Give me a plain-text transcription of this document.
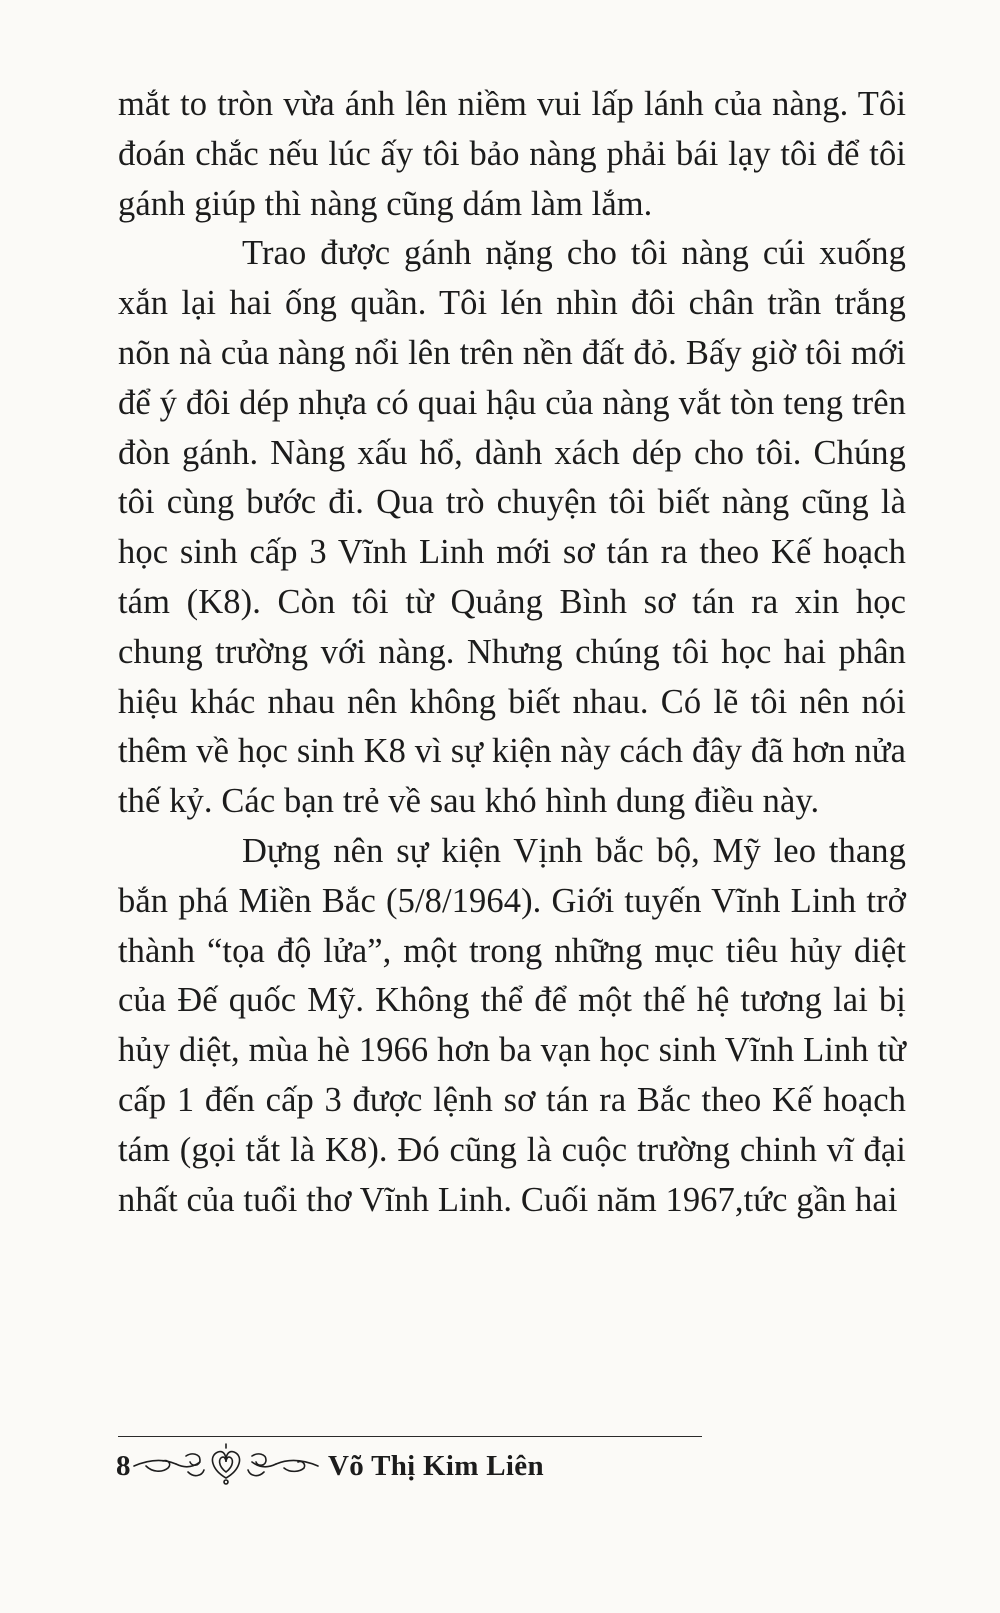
mắt to tròn vừa ánh lên niềm vui lấp lánh của nàng. Tôi đoán chắc nếu lúc ấy tôi bảo nàng phải bái lạy tôi để tôi gánh giúp thì nàng cũng dám làm lắm.

Trao được gánh nặng cho tôi nàng cúi xuống xắn lại hai ống quần. Tôi lén nhìn đôi chân trần trắng nõn nà của nàng nổi lên trên nền đất đỏ. Bấy giờ tôi mới để ý đôi dép nhựa có quai hậu của nàng vắt tòn teng trên đòn gánh. Nàng xấu hổ, dành xách dép cho tôi. Chúng tôi cùng bước đi. Qua trò chuyện tôi biết nàng cũng là học sinh cấp 3 Vĩnh Linh mới sơ tán ra theo Kế hoạch tám (K8). Còn tôi từ Quảng Bình sơ tán ra xin học chung trường với nàng. Nhưng chúng tôi học hai phân hiệu khác nhau nên không biết nhau. Có lẽ tôi nên nói thêm về học sinh K8 vì sự kiện này cách đây đã hơn nửa thế kỷ. Các bạn trẻ về sau khó hình dung điều này.

Dựng nên sự kiện Vịnh bắc bộ, Mỹ leo thang bắn phá Miền Bắc (5/8/1964). Giới tuyến Vĩnh Linh trở thành “tọa độ lửa”, một trong những mục tiêu hủy diệt của Đế quốc Mỹ. Không thể để một thế hệ tương lai bị hủy diệt, mùa hè 1966 hơn ba vạn học sinh Vĩnh Linh từ cấp 1 đến cấp 3 được lệnh sơ tán ra Bắc theo Kế hoạch tám (gọi tắt là K8). Đó cũng là cuộc trường chinh vĩ đại nhất của tuổi thơ Vĩnh Linh. Cuối năm 1967,tức gần hai

8	Võ Thị Kim Liên
